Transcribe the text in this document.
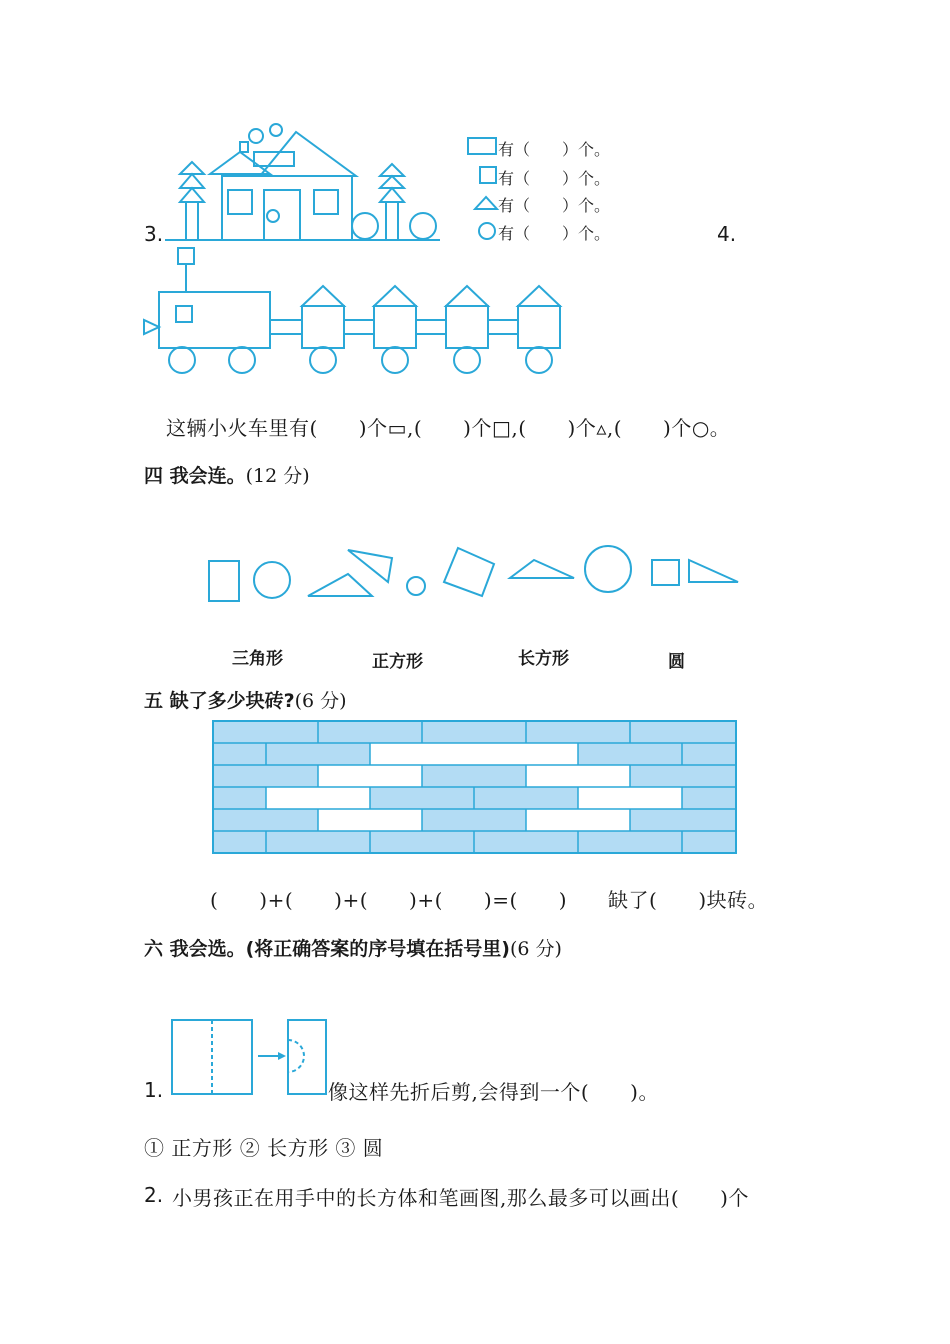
3.
有（　　）个。
有（　　）个。
有（　　）个。
有（　　）个。	4.
这辆小火车里有(　　)个▭,(　　)个□,(　　)个▵,(　　)个○。
四 我会连。(12 分)
三角形	正方形	长方形	圆
五 缺了多少块砖?(6 分)
(　　)+(　　)+(　　)+(　　)=(　　)　　缺了(　　)块砖。
六 我会选。(将正确答案的序号填在括号里)(6 分)
1.	像这样先折后剪,会得到一个(　　)。
① 正方形 ② 长方形 ③ 圆
2. 小男孩正在用手中的长方体和笔画图,那么最多可以画出(　　)个
